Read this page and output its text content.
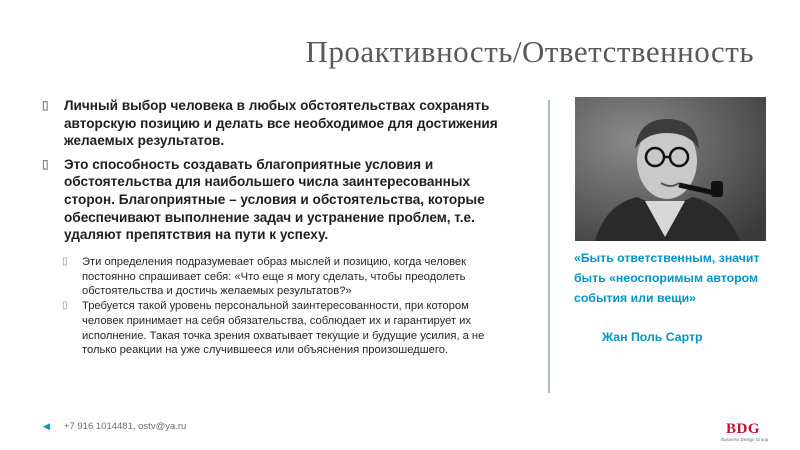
Проактивность/Ответственность
▯ Личный выбор человека в любых обстоятельствах сохранять авторскую позицию и делать все необходимое для достижения желаемых результатов.
▯ Это способность создавать благоприятные условия и обстоятельства для наибольшего числа заинтересованных сторон. Благоприятные – условия и обстоятельства, которые обеспечивают выполнение задач и устранение проблем, т.е. удаляют препятствия на пути к успеху.
▯ Эти определения подразумевает образ мыслей и позицию, когда человек постоянно спрашивает себя: «Что еще я могу сделать, чтобы преодолеть обстоятельства и достичь желаемых результатов?»
▯ Требуется такой уровень персональной заинтересованности, при котором человек принимает на себя обязательства, соблюдает их и гарантирует их исполнение. Такая точка зрения охватывает текущие и будущие усилия, а не только реакции на уже случившееся или объяснения произошедшего.
«Быть ответственным, значит быть «неоспоримым автором события или вещи»
Жан Поль Сартр
◀ +7 916 1014481, ostv@ya.ru	BDG
Business Design Group
